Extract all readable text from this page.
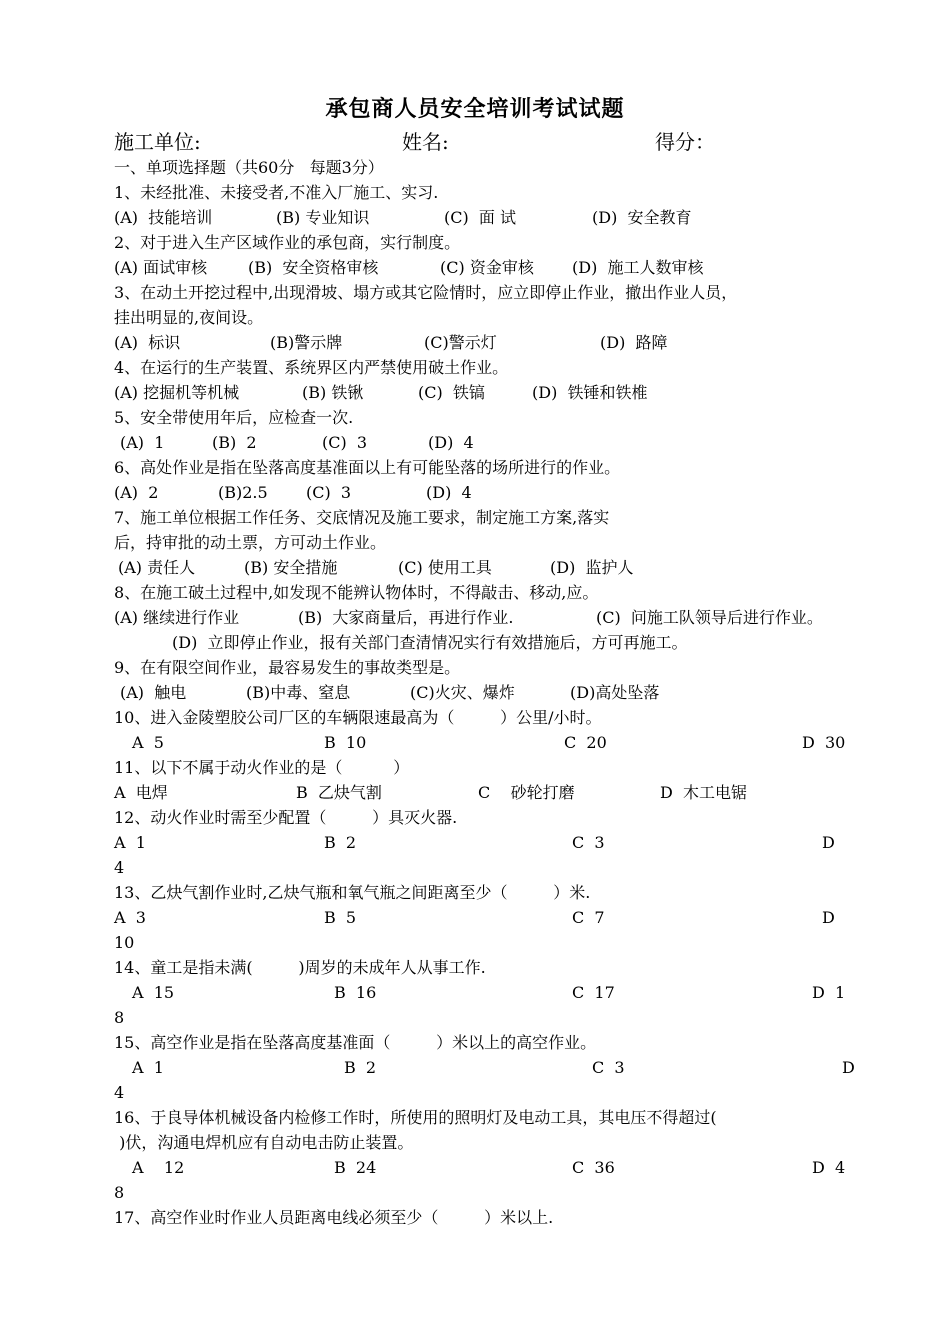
承包商人员安全培训考试试题
施工单位:	姓名:	得分：
一、单项选择题（共60分   每题3分）
1、未经批准、未接受者,不准入厂施工、实习.
(A)  技能培训	(B) 专业知识	(C)  面 试	(D)  安全教育
2、对于进入生产区域作业的承包商，实行制度。
(A) 面试审核	(B)  安全资格审核	(C) 资金审核 (D)  施工人数审核
3、在动土开挖过程中,出现滑坡、塌方或其它险情时，应立即停止作业，撤出作业人员，
挂出明显的,夜间设。
(A)  标识	(B)警示牌	(C)警示灯	(D)  路障
4、在运行的生产装置、系统界区内严禁使用破土作业。
(A) 挖掘机等机械	(B) 铁锹	(C)  铁镐	(D)  铁锤和铁椎
5、安全带使用年后，应检查一次.
(A)  1	(B)  2	(C)  3	(D)  4
6、高处作业是指在坠落高度基准面以上有可能坠落的场所进行的作业。
(A)  2	(B)2.5 (C)  3	(D)  4
7、施工单位根据工作任务、交底情况及施工要求，制定施工方案,落实
后，持审批的动土票，方可动土作业。
(A) 责任人	(B) 安全措施	(C) 使用工具	(D)  监护人
8、在施工破土过程中,如发现不能辨认物体时，不得敲击、移动,应。
(A) 继续进行作业	(B)  大家商量后，再进行作业.	(C)  问施工队领导后进行作业。
(D)  立即停止作业，报有关部门查清情况实行有效措施后，方可再施工。
9、在有限空间作业，最容易发生的事故类型是。
(A)  触电	(B)中毒、窒息	(C)火灾、爆炸	(D)高处坠落
10、进入金陵塑胶公司厂区的车辆限速最高为（         ）公里/小时。
A  5	B  10	C  20	D  30
11、以下不属于动火作业的是（          ）
A  电焊	B  乙炔气割	C    砂轮打磨	D  木工电锯
12、动火作业时需至少配置（         ）具灭火器.
A  1	B  2	C  3	D
4
13、乙炔气割作业时,乙炔气瓶和氧气瓶之间距离至少（         ）米.
A  3	B  5	C  7	D
10
14、童工是指未满(         )周岁的未成年人从事工作.
A  15	B  16	C  17	D  1
8
15、高空作业是指在坠落高度基准面（         ）米以上的高空作业。
A  1	B  2	C  3	D
4
16、于良导体机械设备内检修工作时，所使用的照明灯及电动工具，其电压不得超过(
)伏，沟通电焊机应有自动电击防止装置。
A    12	B  24	C  36	D  4
8
17、高空作业时作业人员距离电线必须至少（         ）米以上.
